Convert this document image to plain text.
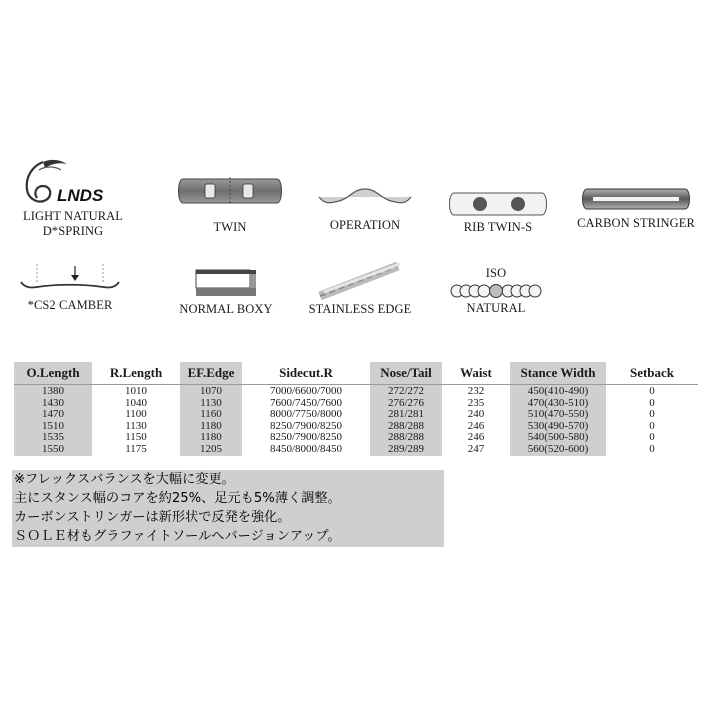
LNDS
LIGHT NATURAL
D*SPRING	TWIN	OPERATION	RIB TWIN-S	CARBON STRINGER
*CS2 CAMBER	NORMAL BOXY	STAINLESS EDGE
ISO
NATURAL
O.Length	R.Length	EF.Edge	Sidecut.R	Nose/Tail	Waist	Stance Width	Setback
1380	1010	1070	7000/6600/7000	272/272	232	450(410-490)	0
1430	1040	1130	7600/7450/7600	276/276	235	470(430-510)	0
1470	1100	1160	8000/7750/8000	281/281	240	510(470-550)	0
1510	1130	1180	8250/7900/8250	288/288	246	530(490-570)	0
1535	1150	1180	8250/7900/8250	288/288	246	540(500-580)	0
1550	1175	1205	8450/8000/8450	289/289	247	560(520-600)	0
※フレックスバランスを大幅に変更。
主にスタンス幅のコアを約25%、足元も5%薄く調整。
カーボンストリンガーは新形状で反発を強化。
ＳＯＬＥ材もグラファイトソールへバージョンアップ。
